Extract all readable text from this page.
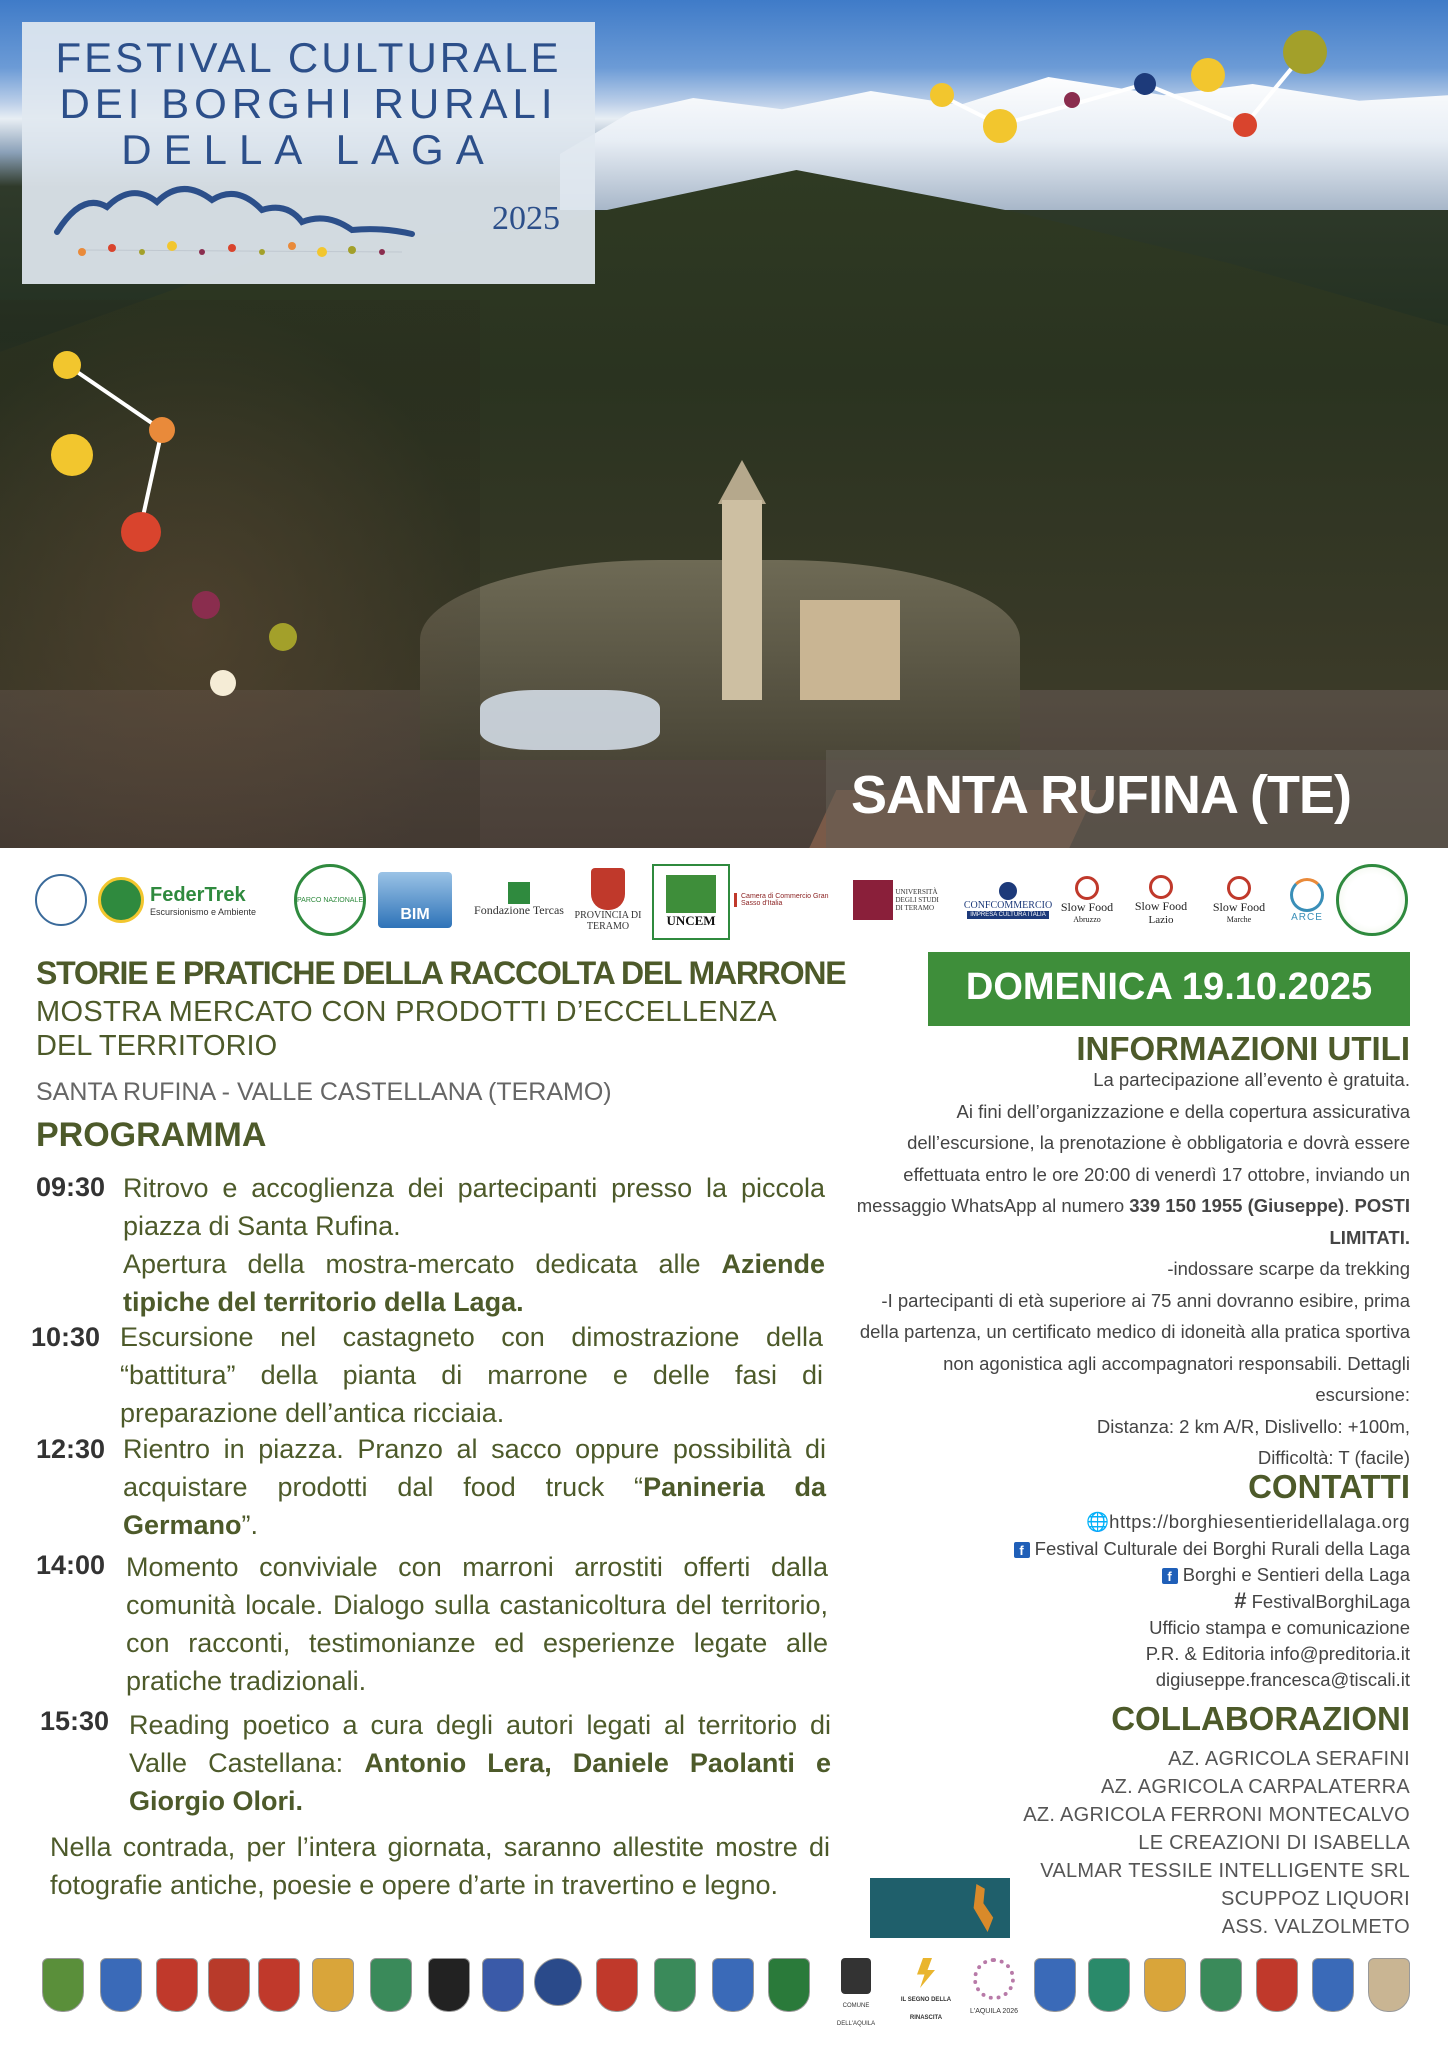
FESTIVAL CULTURALE
DEI BORGHI RURALI
DELLA LAGA
2025
SANTA RUFINA (TE)
FederTrek
Escursionismo e Ambiente
PARCO NAZIONALE
BIM	Fondazione Tercas	PROVINCIA DI TERAMO	UNCEM
Camera di Commercio Gran Sasso d'Italia
UNIVERSITÀ DEGLI STUDI DI TERAMO	CONFCOMMERCIO
IMPRESA CULTURA ITALIA
Slow Food
Abruzzo
Slow Food
Lazio
Slow Food
Marche	ARCE
STORIE E PRATICHE DELLA RACCOLTA DEL MARRONE
MOSTRA MERCATO CON PRODOTTI D’ECCELLENZA
DEL TERRITORIO
SANTA RUFINA - VALLE CASTELLANA (TERAMO)
PROGRAMMA
09:30 Ritrovo e accoglienza dei partecipanti presso la piccola piazza di Santa Rufina.
Apertura della mostra-mercato dedicata alle Aziende tipiche del territorio della Laga.
10:30 Escursione nel castagneto con dimostrazione della “battitura” della pianta di marrone e delle fasi di preparazione dell’antica ricciaia.
12:30 Rientro in piazza. Pranzo al sacco oppure possibilità di acquistare prodotti dal food truck “Panineria da Germano”.
14:00 Momento conviviale con marroni arrostiti offerti dalla comunità locale. Dialogo sulla castanicoltura del territorio, con racconti, testimonianze ed esperienze legate alle pratiche tradizionali.
15:30 Reading poetico a cura degli autori legati al territorio di Valle Castellana: Antonio Lera, Daniele Paolanti e Giorgio Olori.
Nella contrada, per l’intera giornata, saranno allestite mostre di fotografie antiche, poesie e opere d’arte in travertino e legno.
DOMENICA 19.10.2025
INFORMAZIONI UTILI
La partecipazione all’evento è gratuita.
Ai fini dell’organizzazione e della copertura assicurativa dell’escursione, la prenotazione è obbligatoria e dovrà essere effettuata entro le ore 20:00 di venerdì 17 ottobre, inviando un messaggio WhatsApp al numero 339 150 1955 (Giuseppe). POSTI LIMITATI.
-indossare scarpe da trekking
-I partecipanti di età superiore ai 75 anni dovranno esibire, prima della partenza, un certificato medico di idoneità alla pratica sportiva non agonistica agli accompagnatori responsabili. Dettagli escursione:
Distanza: 2 km A/R, Dislivello: +100m,
Difficoltà: T (facile)
CONTATTI
🌐https://borghiesentieridellalaga.org
f Festival Culturale dei Borghi Rurali della Laga
f Borghi e Sentieri della Laga
# FestivalBorghiLaga
Ufficio stampa e comunicazione
P.R. & Editoria info@preditoria.it
digiuseppe.francesca@tiscali.it
COLLABORAZIONI
AZ. AGRICOLA SERAFINI
AZ. AGRICOLA CARPALATERRA
AZ. AGRICOLA FERRONI MONTECALVO
LE CREAZIONI DI ISABELLA
VALMAR TESSILE INTELLIGENTE SRL
SCUPPOZ LIQUORI
ASS. VALZOLMETO
COMUNE DELL'AQUILA
IL SEGNO DELLA RINASCITA
L'AQUILA 2026
